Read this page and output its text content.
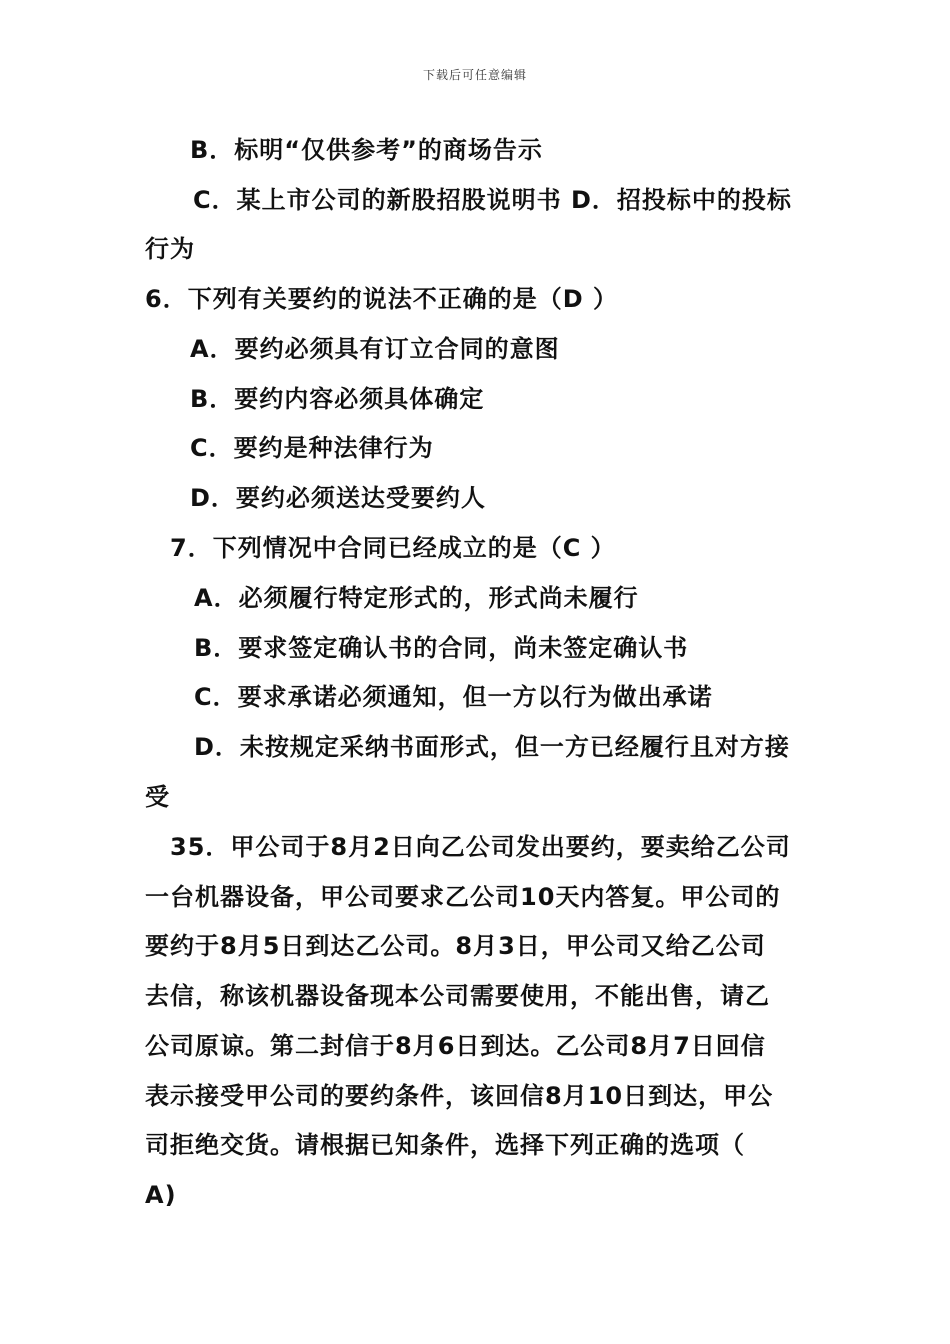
下载后可任意编辑
B．标明“仅供参考”的商场告示
C．某上市公司的新股招股说明书 D．招投标中的投标
行为
6．下列有关要约的说法不正确的是（D ）
A．要约必须具有订立合同的意图
B．要约内容必须具体确定
C．要约是种法律行为
D．要约必须送达受要约人
7．下列情况中合同已经成立的是（C ）
A．必须履行特定形式的，形式尚未履行
B．要求签定确认书的合同，尚未签定确认书
C．要求承诺必须通知，但一方以行为做出承诺
D．未按规定采纳书面形式，但一方已经履行且对方接
受
35．甲公司于8月2日向乙公司发出要约，要卖给乙公司
一台机器设备，甲公司要求乙公司10天内答复。甲公司的
要约于8月5日到达乙公司。8月3日，甲公司又给乙公司
去信，称该机器设备现本公司需要使用，不能出售，请乙
公司原谅。第二封信于8月6日到达。乙公司8月7日回信
表示接受甲公司的要约条件，该回信8月10日到达，甲公
司拒绝交货。请根据已知条件，选择下列正确的选项（
A)
